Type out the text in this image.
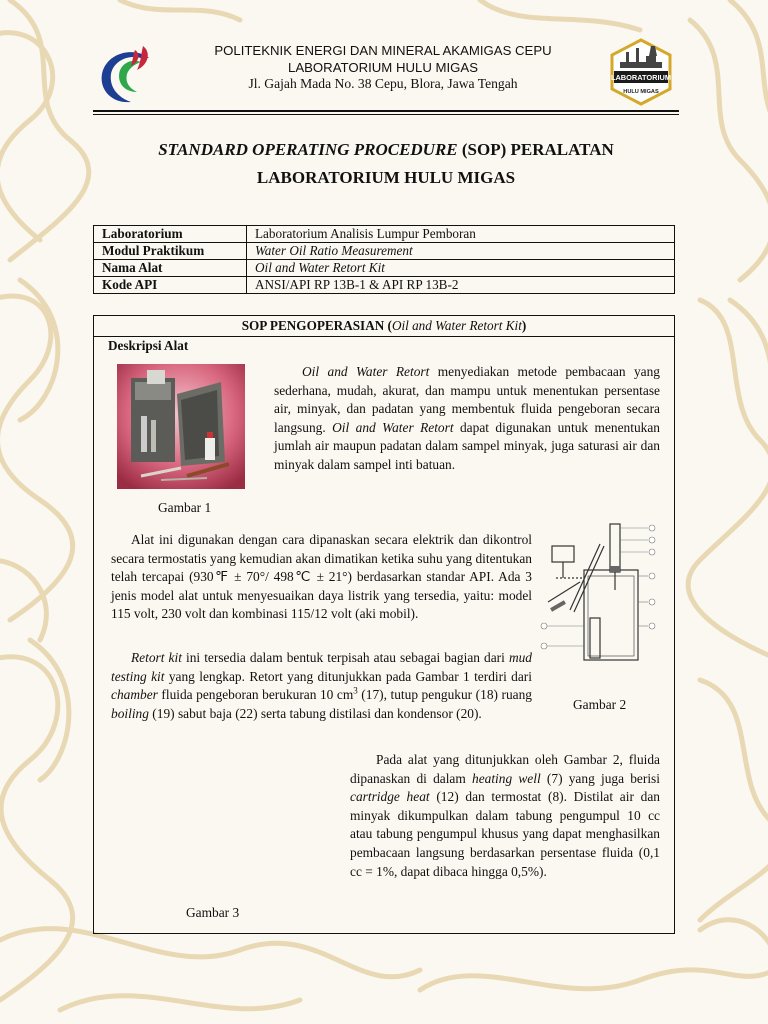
POLITEKNIK ENERGI DAN MINERAL AKAMIGAS CEPU
LABORATORIUM HULU MIGAS
Jl. Gajah Mada No. 38 Cepu, Blora, Jawa Tengah	LABORATORIUM
HULU MIGAS
STANDARD OPERATING PROCEDURE (SOP) PERALATAN
LABORATORIUM HULU MIGAS
Laboratorium	Laboratorium Analisis Lumpur Pemboran
Modul Praktikum	Water Oil Ratio Measurement
Nama Alat	Oil and Water Retort Kit
Kode API	ANSI/API RP 13B-1 & API RP 13B-2
SOP PENGOPERASIAN (Oil and Water Retort Kit)
Deskripsi Alat
Oil and Water Retort menyediakan metode pembacaan yang sederhana, mudah, akurat, dan mampu untuk menentukan persentase air, minyak, dan padatan yang membentuk fluida pengeboran secara langsung. Oil and Water Retort dapat digunakan untuk menentukan jumlah air maupun padatan dalam sampel minyak, juga saturasi air dan minyak dalam sampel inti batuan.
Gambar 1
Alat ini digunakan dengan cara dipanaskan secara elektrik dan dikontrol secara termostatis yang kemudian akan dimatikan ketika suhu yang ditentukan telah tercapai (930℉ ± 70°/ 498℃ ± 21°) berdasarkan standar API. Ada 3 jenis model alat untuk menyesuaikan daya listrik yang tersedia, yaitu: model 115 volt, 230 volt dan kombinasi 115/12 volt (aki mobil).
Retort kit ini tersedia dalam bentuk terpisah atau sebagai bagian dari mud testing kit yang lengkap. Retort yang ditunjukkan pada Gambar 1 terdiri dari chamber fluida pengeboran berukuran 10 $cm^3$ (17), tutup pengukur (18) ruang boiling (19) sabut baja (22) serta tabung distilasi dan kondensor (20).
Gambar 2
Pada alat yang ditunjukkan oleh Gambar 2, fluida dipanaskan di dalam heating well (7) yang juga berisi cartridge heat (12) dan termostat (8). Distilat air dan minyak dikumpulkan dalam tabung pengumpul 10 cc atau tabung pengumpul khusus yang dapat menghasilkan pembacaan langsung berdasarkan persentase fluida (0,1 cc = 1%, dapat dibaca hingga 0,5%).
Gambar 3
